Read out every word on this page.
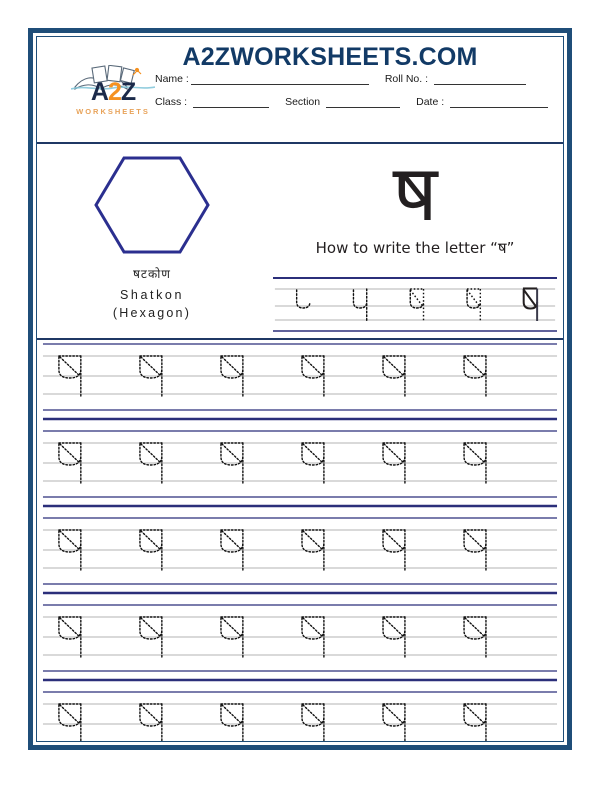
A2ZWORKSHEETS.COM
A2Z
WORKSHEETS
Name :	Roll No. :
Class :	Section	Date :
षटकोण
Shatkon
(Hexagon)
ष
How to write the letter “ष”
